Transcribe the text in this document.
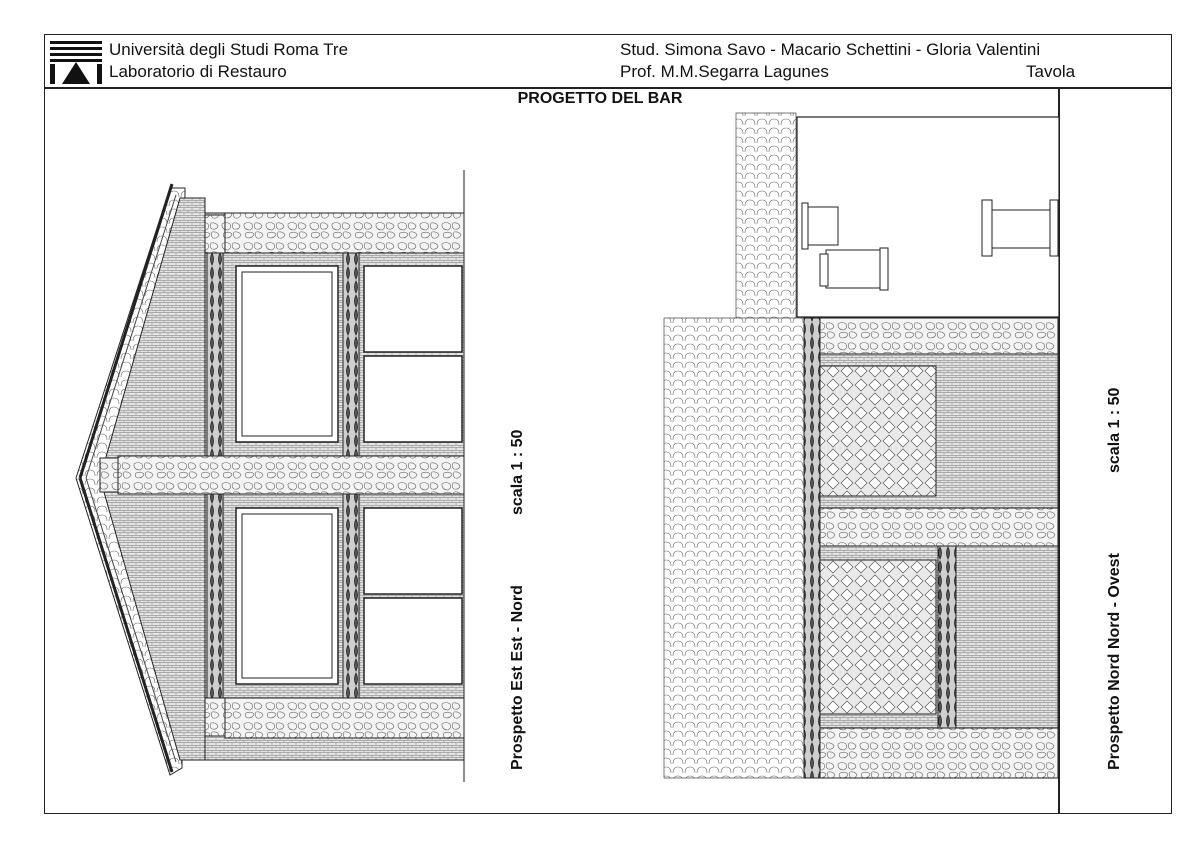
Università degli Studi Roma Tre
Laboratorio di Restauro
Stud. Simona Savo - Macario Schettini - Gloria Valentini
Prof. M.M.Segarra Lagunes	Tavola
PROGETTO DEL BAR
Prospetto Est Est - Nord
scala 1 : 50
Prospetto Nord Nord - Ovest
scala 1 : 50
